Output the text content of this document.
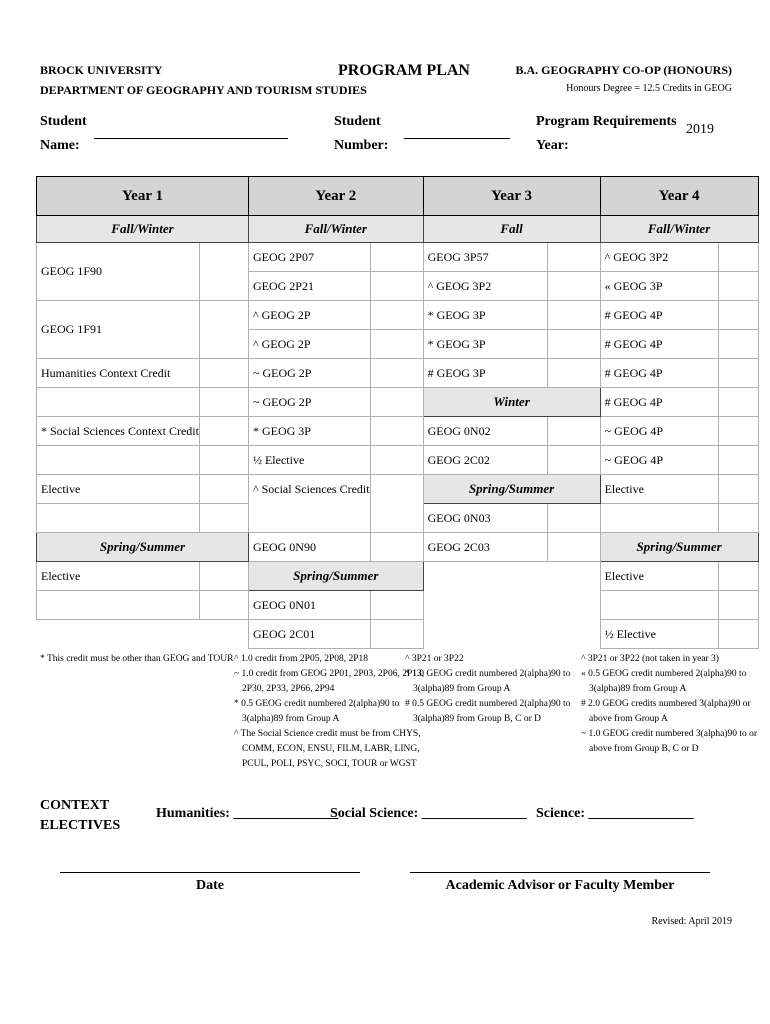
BROCK UNIVERSITY
DEPARTMENT OF GEOGRAPHY AND TOURISM STUDIES
PROGRAM PLAN	B.A. GEOGRAPHY CO-OP (HONOURS)
Honours Degree = 12.5 Credits in GEOG
Student
Name:
Student
Number:
Program Requirements
Year:
2019
Year 1		Year 2		Year 3		Year 4	
Fall/Winter		Fall/Winter		Fall		Fall/Winter	
GEOG 1F90		GEOG 2P07		GEOG 3P57		^ GEOG 3P2	
		GEOG 2P21		^ GEOG 3P2		« GEOG 3P	
GEOG 1F91		^ GEOG 2P		* GEOG 3P		# GEOG 4P	
		^ GEOG 2P		* GEOG 3P		# GEOG 4P	
Humanities Context Credit		~ GEOG 2P		# GEOG 3P		# GEOG 4P	
		~ GEOG 2P		Winter		# GEOG 4P	
* Social Sciences Context Credit		* GEOG 3P		GEOG 0N02		~ GEOG 4P	
		½ Elective		GEOG 2C02		~ GEOG 4P	
Elective		^ Social Sciences Credit		Spring/Summer		Elective	
				GEOG 0N03			
Spring/Summer		GEOG 0N90		GEOG 2C03		Spring/Summer	
Elective		Spring/Summer				Elective	
		GEOG 0N01					
		GEOG 2C01				½ Elective	
* This credit must be other than GEOG and TOUR ^ 1.0 credit from 2P05, 2P08, 2P18
~ 1.0 credit from GEOG 2P01, 2P03, 2P06, 2P13,
2P30, 2P33, 2P66, 2P94
* 0.5 GEOG credit numbered 2(alpha)90 to
3(alpha)89 from Group A
^ The Social Science credit must be from CHYS,
COMM, ECON, ENSU, FILM, LABR, LING,
PCUL, POLI, PSYC, SOCI, TOUR or WGST
^ 3P21 or 3P22
* 1.0 GEOG credit numbered 2(alpha)90 to
3(alpha)89 from Group A
# 0.5 GEOG credit numbered 2(alpha)90 to
3(alpha)89 from Group B, C or D
^ 3P21 or 3P22 (not taken in year 3)
« 0.5 GEOG credit numbered 2(alpha)90 to
3(alpha)89 from Group A
# 2.0 GEOG credits numbered 3(alpha)90 or
above from Group A
~ 1.0 GEOG credit numbered 3(alpha)90 to or
above from Group B, C or D
CONTEXT
ELECTIVES
Humanities: _______________
Social Science: _______________ Science: _______________
Date	Academic Advisor or Faculty Member
Revised: April 2019
